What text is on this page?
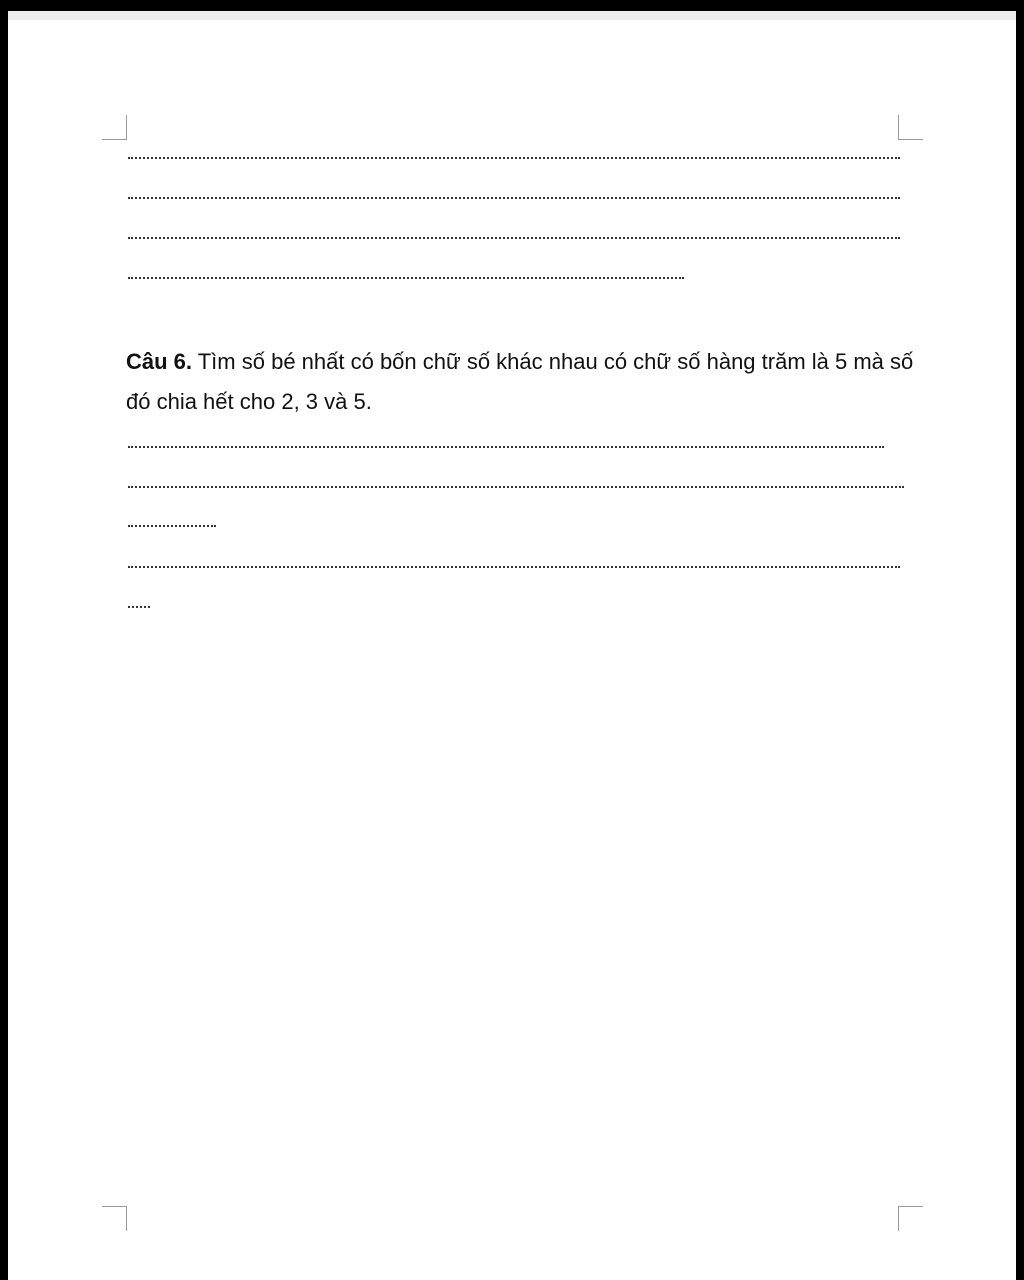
Câu 6. Tìm số bé nhất có bốn chữ số khác nhau có chữ số hàng trăm là 5 mà số đó chia hết cho 2, 3 và 5.
